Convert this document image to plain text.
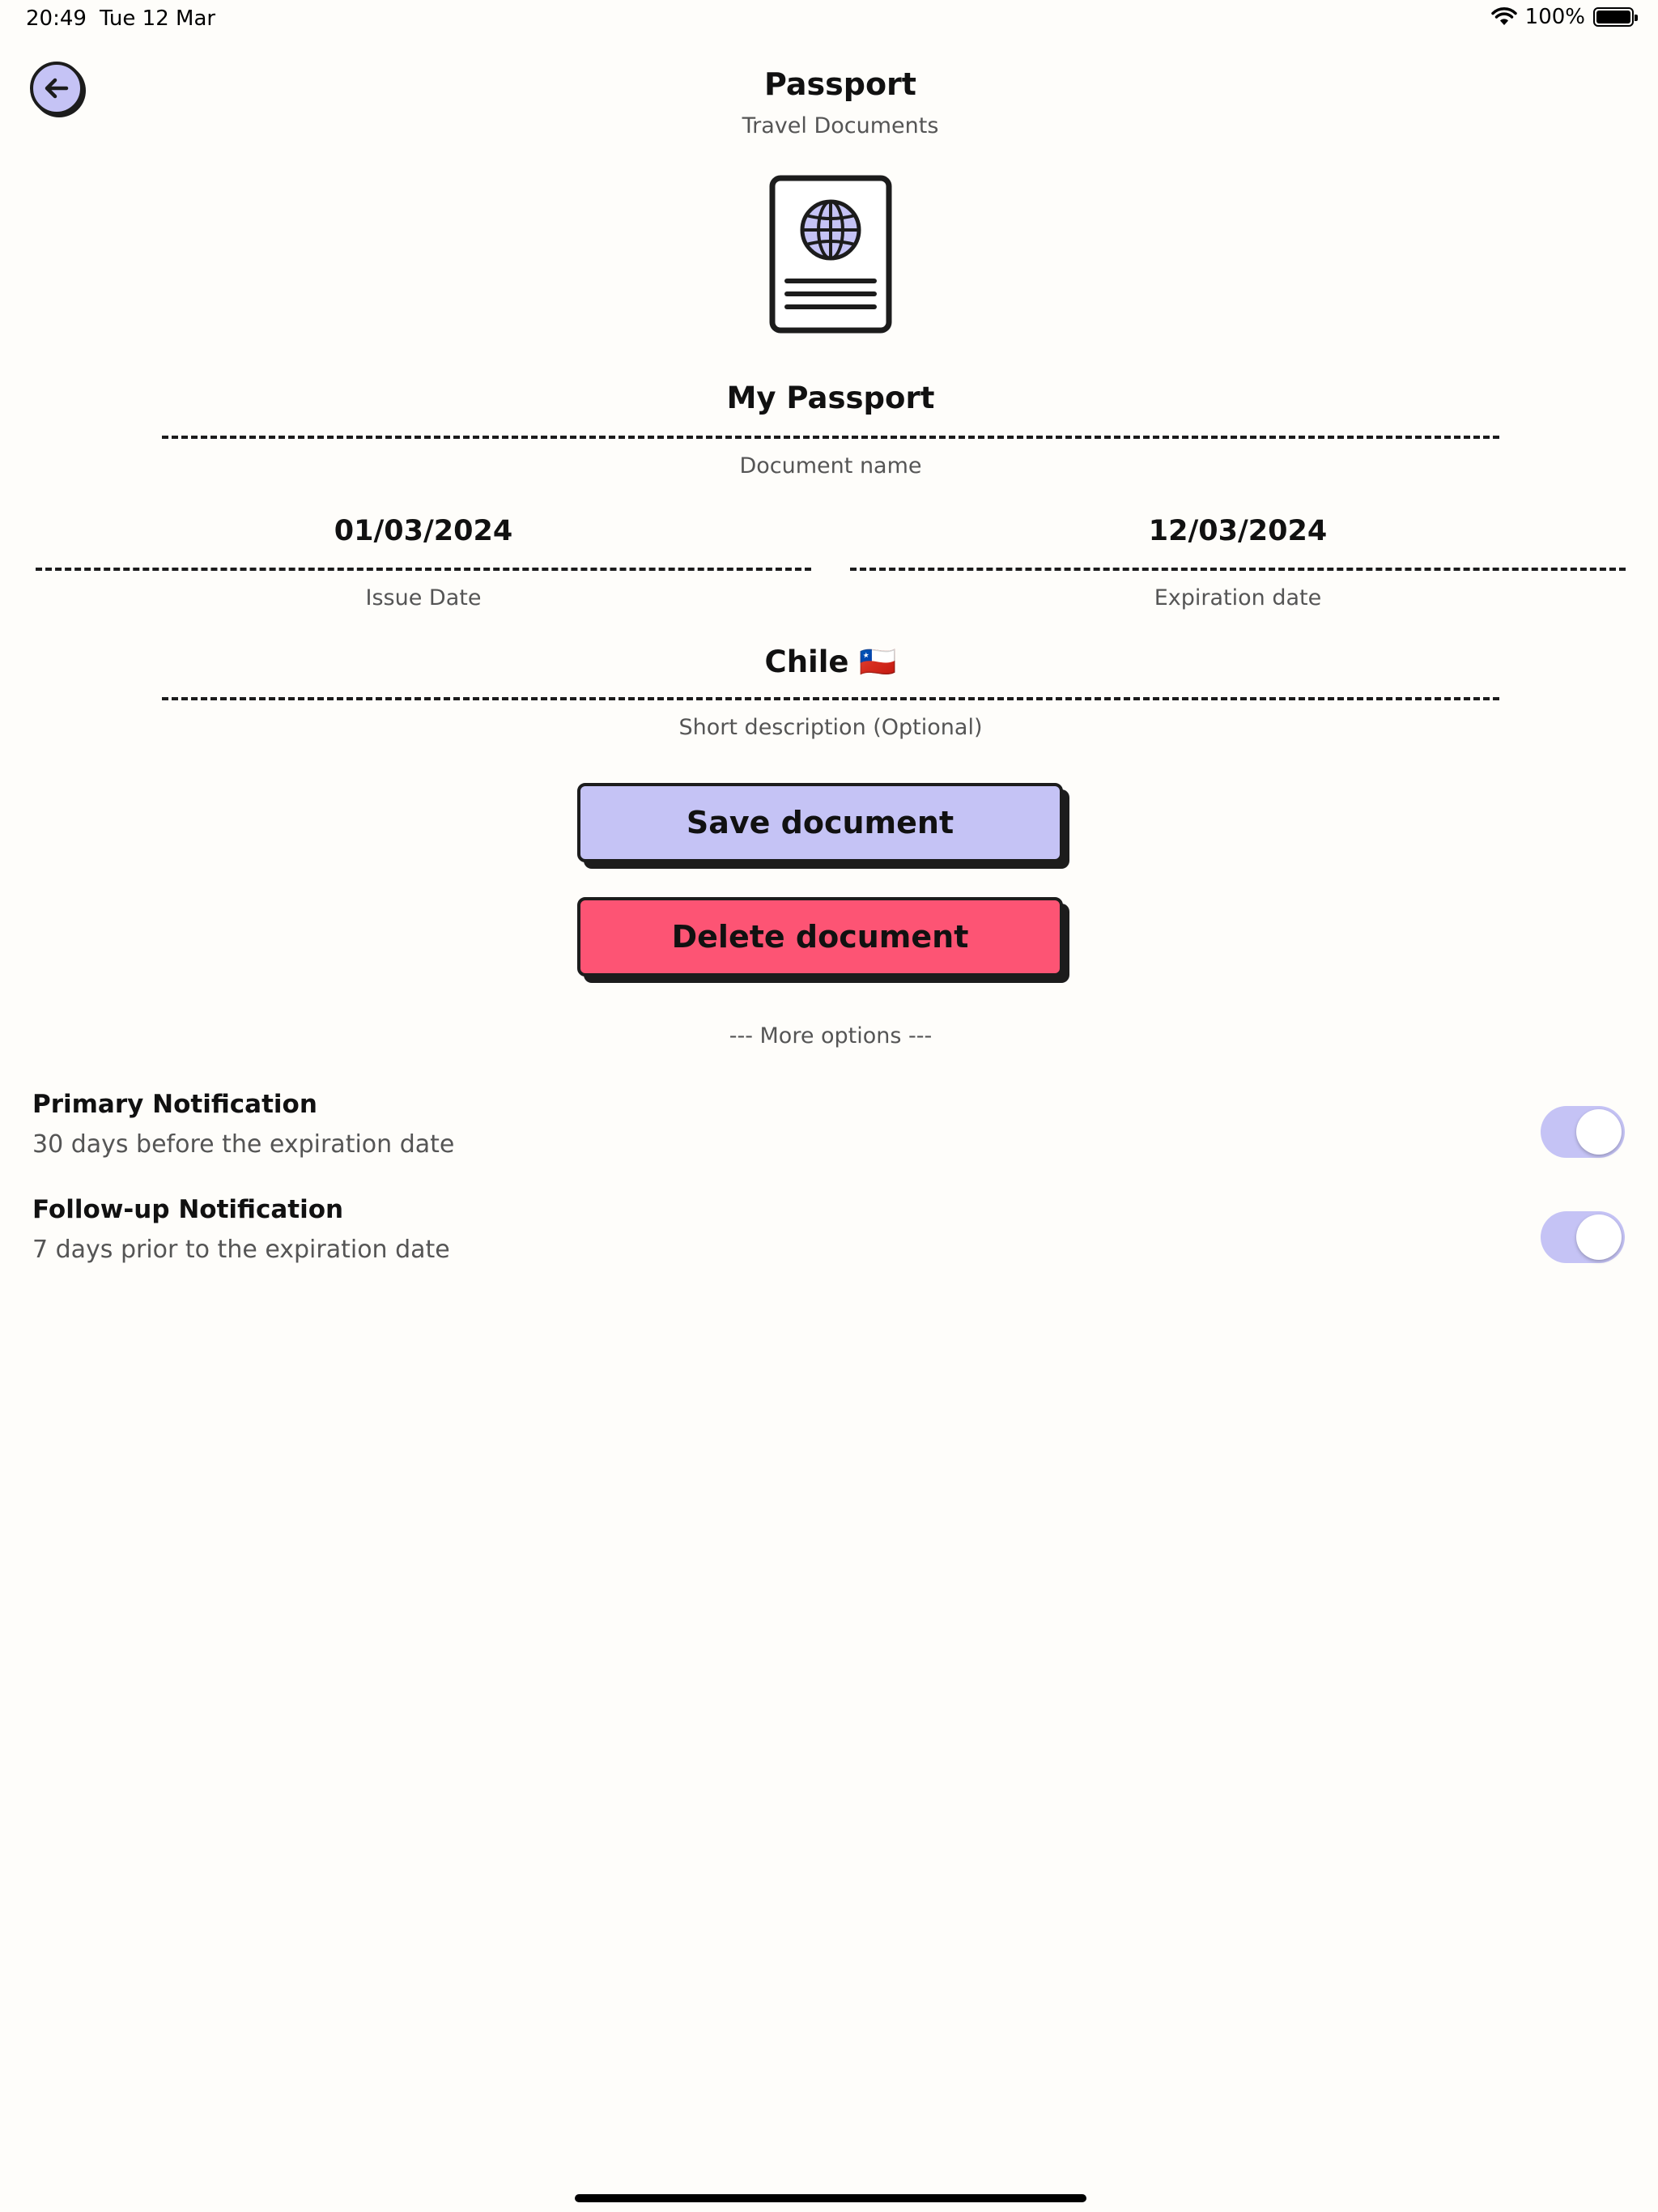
20:49 Tue 12 Mar	100%
Passport
Travel Documents
My Passport
Document name
01/03/2024
Issue Date
12/03/2024
Expiration date
Chile 🇨🇱
Short description (Optional)
Save document
Delete document
--- More options ---
Primary Notification
30 days before the expiration date
Follow-up Notification
7 days prior to the expiration date
